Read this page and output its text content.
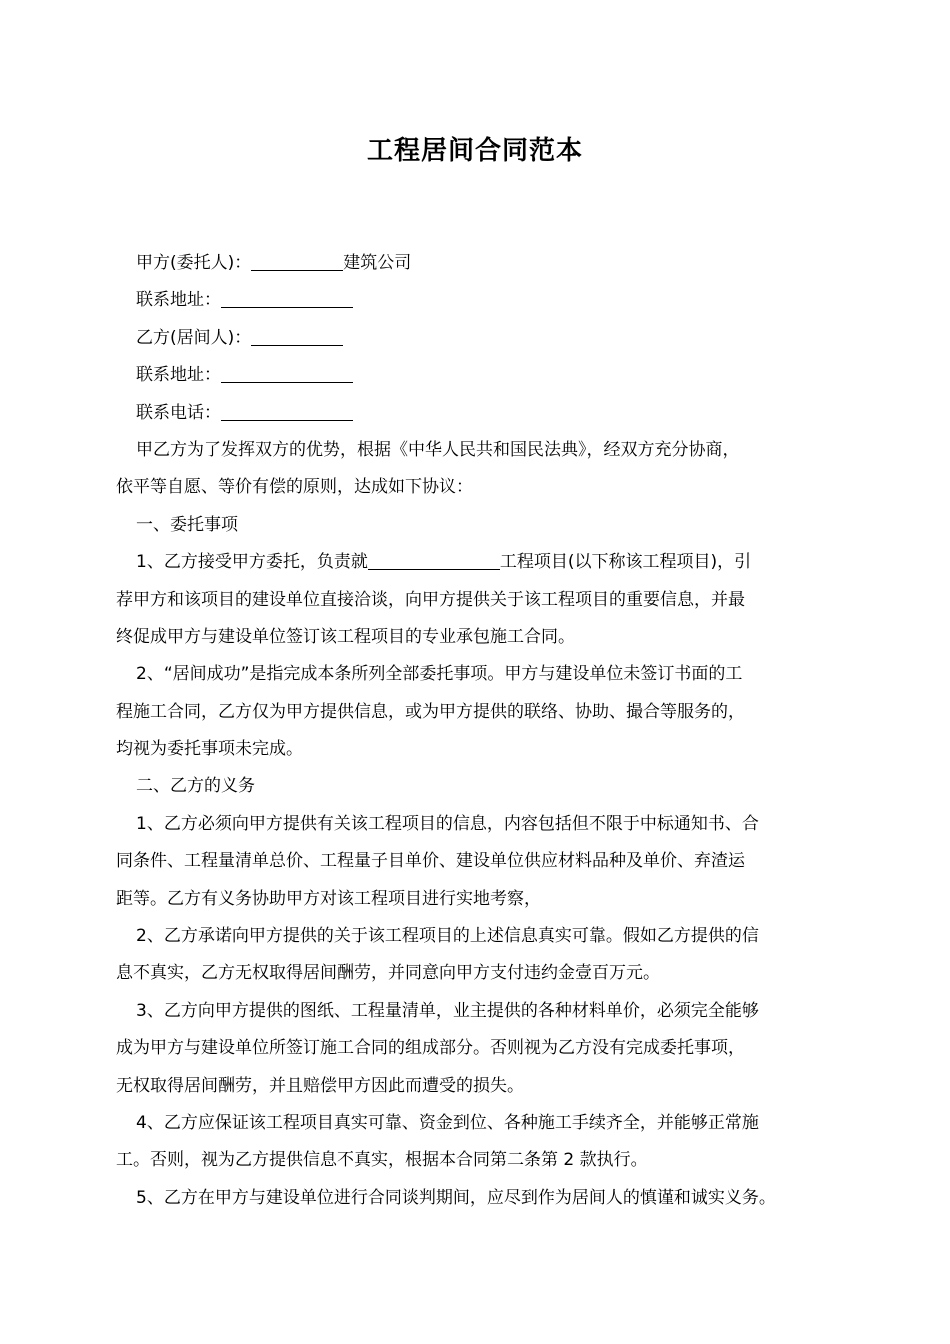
工程居间合同范本
甲方(委托人)：	建筑公司
联系地址：
乙方(居间人)：
联系地址：
联系电话：
甲乙方为了发挥双方的优势，根据《中华人民共和国民法典》，经双方充分协商，
依平等自愿、等价有偿的原则，达成如下协议：
一、委托事项
1、乙方接受甲方委托，负责就	工程项目(以下称该工程项目)，引
荐甲方和该项目的建设单位直接洽谈，向甲方提供关于该工程项目的重要信息，并最
终促成甲方与建设单位签订该工程项目的专业承包施工合同。
2、“居间成功”是指完成本条所列全部委托事项。甲方与建设单位未签订书面的工
程施工合同，乙方仅为甲方提供信息，或为甲方提供的联络、协助、撮合等服务的，
均视为委托事项未完成。
二、乙方的义务
1、乙方必须向甲方提供有关该工程项目的信息，内容包括但不限于中标通知书、合
同条件、工程量清单总价、工程量子目单价、建设单位供应材料品种及单价、弃渣运
距等。乙方有义务协助甲方对该工程项目进行实地考察，
2、乙方承诺向甲方提供的关于该工程项目的上述信息真实可靠。假如乙方提供的信
息不真实，乙方无权取得居间酬劳，并同意向甲方支付违约金壹百万元。
3、乙方向甲方提供的图纸、工程量清单，业主提供的各种材料单价，必须完全能够
成为甲方与建设单位所签订施工合同的组成部分。否则视为乙方没有完成委托事项，
无权取得居间酬劳，并且赔偿甲方因此而遭受的损失。
4、乙方应保证该工程项目真实可靠、资金到位、各种施工手续齐全，并能够正常施
工。否则，视为乙方提供信息不真实，根据本合同第二条第 2 款执行。
5、乙方在甲方与建设单位进行合同谈判期间，应尽到作为居间人的慎谨和诚实义务。
